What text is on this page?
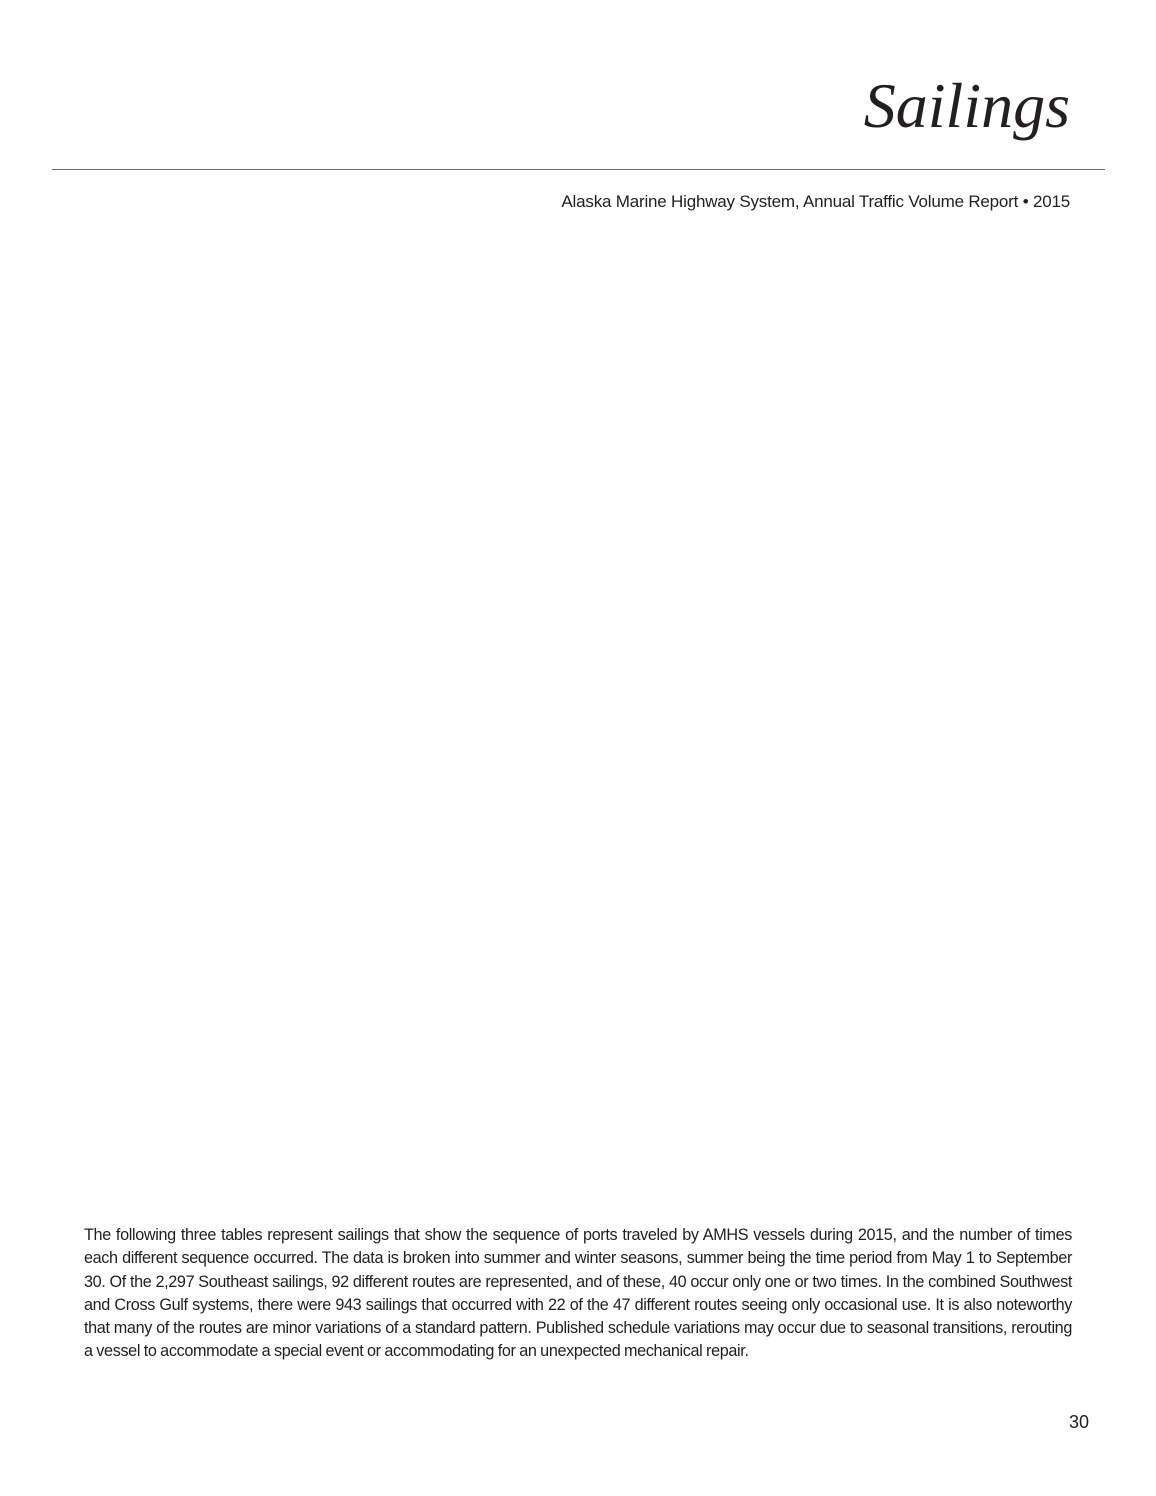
Sailings
Alaska Marine Highway System, Annual Traffic Volume Report • 2015

The following three tables represent sailings that show the sequence of ports traveled by AMHS vessels during 2015, and the number of times each different sequence occurred. The data is broken into summer and winter seasons, summer being the time period from May 1 to September 30. Of the 2,297 Southeast sailings, 92 different routes are represented, and of these, 40 occur only one or two times. In the combined Southwest and Cross Gulf systems, there were 943 sailings that occurred with 22 of the 47 different routes seeing only occasional use. It is also noteworthy that many of the routes are minor variations of a standard pattern. Published schedule variations may occur due to seasonal transitions, rerouting a vessel to accommodate a special event or accommodating for an unexpected mechanical repair.

30
